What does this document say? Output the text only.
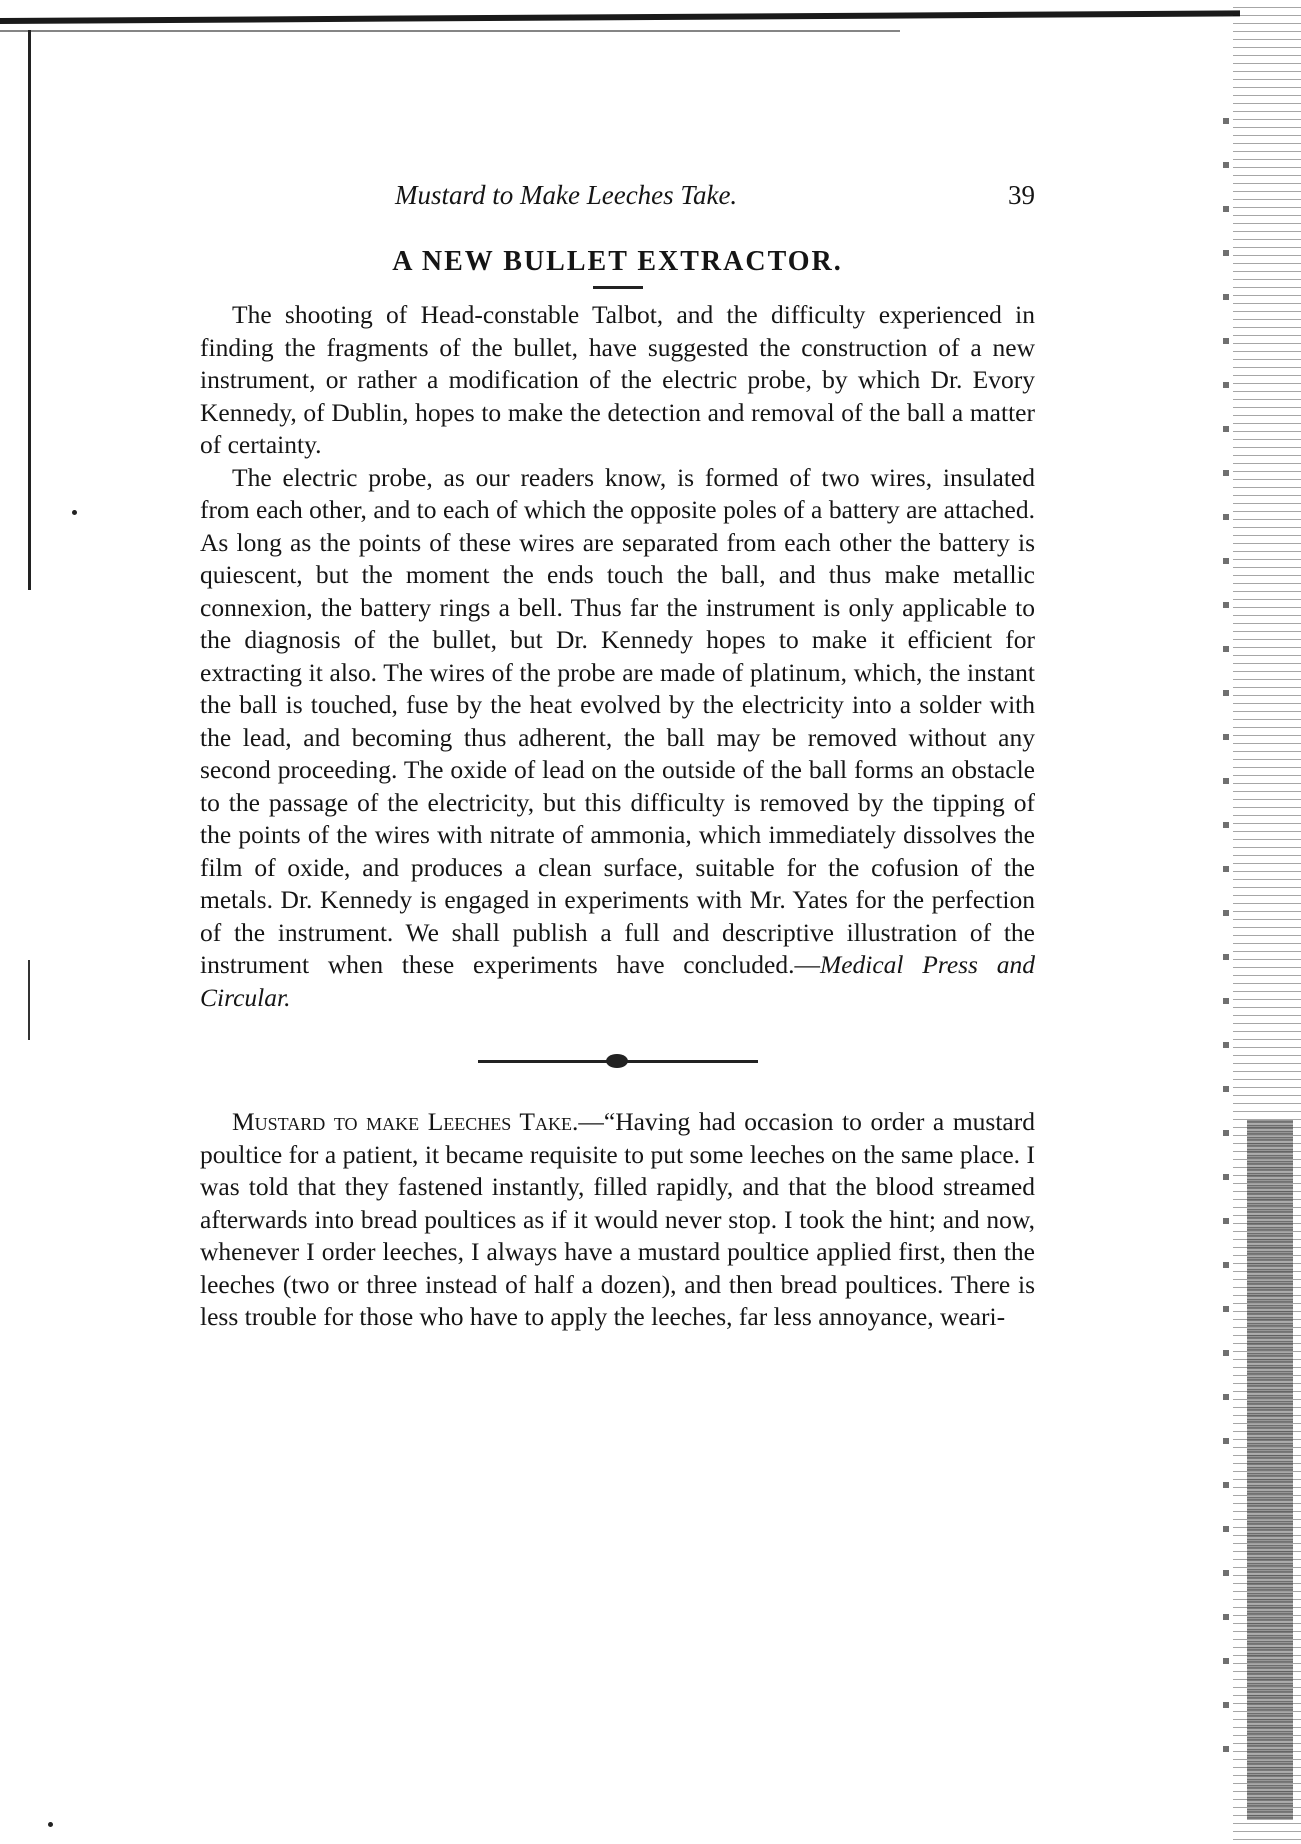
Mustard to Make Leeches Take.	39
A NEW BULLET EXTRACTOR.

The shooting of Head-constable Talbot, and the difficulty experienced in finding the fragments of the bullet, have suggested the construction of a new instrument, or rather a modification of the electric probe, by which Dr. Evory Kennedy, of Dublin, hopes to make the detection and removal of the ball a matter of certainty.

The electric probe, as our readers know, is formed of two wires, insulated from each other, and to each of which the opposite poles of a battery are attached. As long as the points of these wires are separated from each other the battery is quiescent, but the moment the ends touch the ball, and thus make metallic connexion, the battery rings a bell. Thus far the instrument is only applicable to the diagnosis of the bullet, but Dr. Kennedy hopes to make it efficient for extracting it also. The wires of the probe are made of platinum, which, the instant the ball is touched, fuse by the heat evolved by the electricity into a solder with the lead, and becoming thus adherent, the ball may be removed without any second proceeding. The oxide of lead on the outside of the ball forms an obstacle to the passage of the electricity, but this difficulty is removed by the tipping of the points of the wires with nitrate of ammonia, which immediately dissolves the film of oxide, and produces a clean surface, suitable for the cofusion of the metals. Dr. Kennedy is engaged in experiments with Mr. Yates for the perfection of the instrument. We shall publish a full and descriptive illustration of the instrument when these experiments have concluded.—Medical Press and Circular.

Mustard to make Leeches Take.—“Having had occasion to order a mustard poultice for a patient, it became requisite to put some leeches on the same place. I was told that they fastened instantly, filled rapidly, and that the blood streamed afterwards into bread poultices as if it would never stop. I took the hint; and now, whenever I order leeches, I always have a mustard poultice applied first, then the leeches (two or three instead of half a dozen), and then bread poultices. There is less trouble for those who have to apply the leeches, far less annoyance, weari-
